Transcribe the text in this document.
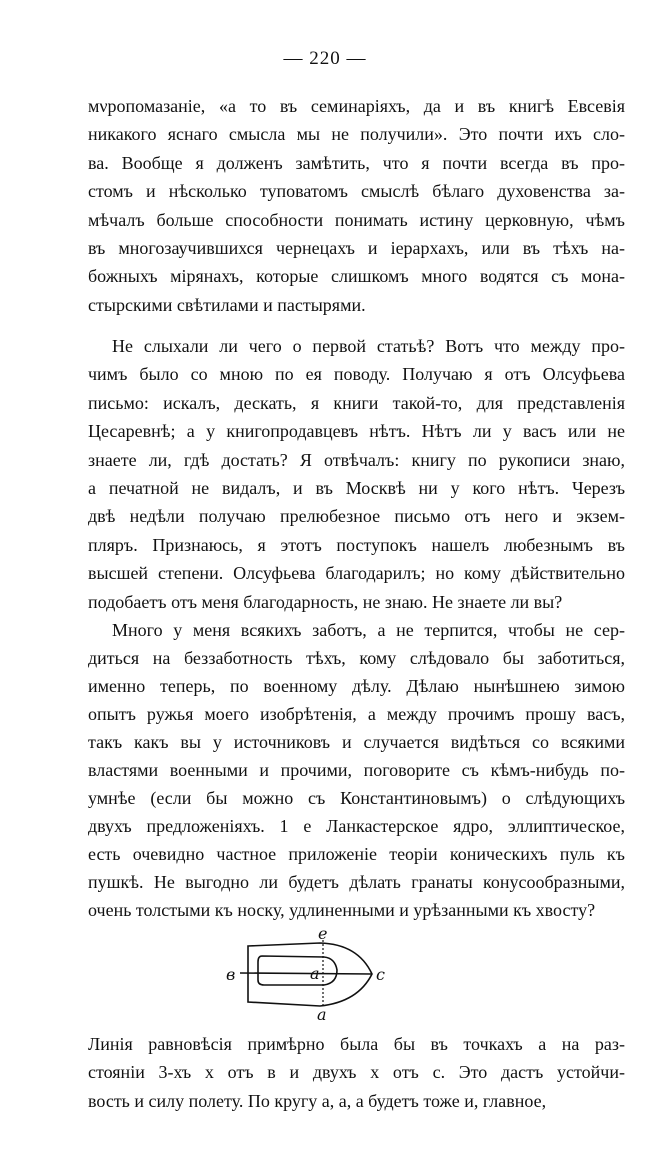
— 220 —
мνропомазаніе, «а то въ семинаріяхъ, да и въ книгѣ Евсевія
никакого яснаго смысла мы не получили». Это почти ихъ сло-
ва. Вообще я долженъ замѣтить, что я почти всегда въ про-
стомъ и нѣсколько туповатомъ смыслѣ бѣлаго духовенства за-
мѣчалъ больше способности понимать истину церковную, чѣмъ
въ многозаучившихся чернецахъ и іерархахъ, или въ тѣхъ на-
божныхъ мірянахъ, которые слишкомъ много водятся съ мона-
стырскими свѣтилами и пастырями.
Не слыхали ли чего о первой статьѣ? Вотъ что между про-
чимъ было со мною по ея поводу. Получаю я отъ Олсуфьева
письмо: искалъ, дескать, я книги такой-то, для представленія
Цесаревнѣ; а у книгопродавцевъ нѣтъ. Нѣтъ ли у васъ или не
знаете ли, гдѣ достать? Я отвѣчалъ: книгу по рукописи знаю,
а печатной не видалъ, и въ Москвѣ ни у кого нѣтъ. Черезъ
двѣ недѣли получаю прелюбезное письмо отъ него и экзем-
пляръ. Признаюсь, я этотъ поступокъ нашелъ любезнымъ въ
высшей степени. Олсуфьева благодарилъ; но кому дѣйствительно
подобаетъ отъ меня благодарность, не знаю. Не знаете ли вы?
Много у меня всякихъ заботъ, а не терпится, чтобы не сер-
диться на беззаботность тѣхъ, кому слѣдовало бы заботиться,
именно теперь, по военному дѣлу. Дѣлаю нынѣшнею зимою
опытъ ружья моего изобрѣтенія, а между прочимъ прошу васъ,
такъ какъ вы у источниковъ и случается видѣться со всякими
властями военными и прочими, поговорите съ кѣмъ-нибудь по-
умнѣе (если бы можно съ Константиновымъ) о слѣдующихъ
двухъ предложеніяхъ. 1 е Ланкастерское ядро, эллиптическое,
есть очевидно частное приложеніе теоріи коническихъ пуль къ
пушкѣ. Не выгодно ли будетъ дѣлать гранаты конусообразными,
очень толстыми къ носку, удлиненными и урѣзанными къ хвосту?
Линія равновѣсія примѣрно была бы въ точкахъ а на раз-
стояніи 3-хъ x отъ в и двухъ x отъ c. Это дастъ устойчи-
вость и силу полету. По кругу а, а, а будетъ тоже и, главное,
e
в	a	c
a
